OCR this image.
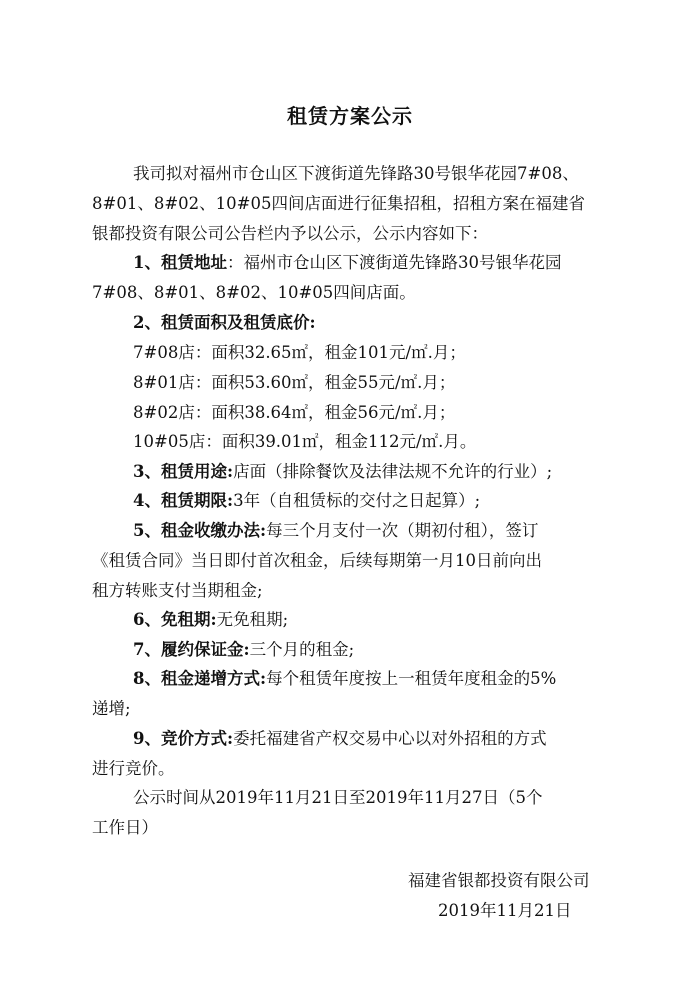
租赁方案公示
我司拟对福州市仓山区下渡街道先锋路30号银华花园7#08、
8#01、8#02、10#05四间店面进行征集招租，招租方案在福建省
银都投资有限公司公告栏内予以公示，公示内容如下：
1、租赁地址：福州市仓山区下渡街道先锋路30号银华花园
7#08、8#01、8#02、10#05四间店面。
2、租赁面积及租赁底价:
7#08店：面积32.65㎡，租金101元/㎡.月；
8#01店：面积53.60㎡，租金55元/㎡.月；
8#02店：面积38.64㎡，租金56元/㎡.月；
10#05店：面积39.01㎡，租金112元/㎡.月。
3、租赁用途:店面（排除餐饮及法律法规不允许的行业）;
4、租赁期限:3年（自租赁标的交付之日起算）;
5、租金收缴办法:每三个月支付一次（期初付租），签订
《租赁合同》当日即付首次租金，后续每期第一月10日前向出
租方转账支付当期租金;
6、免租期:无免租期;
7、履约保证金:三个月的租金;
8、租金递增方式:每个租赁年度按上一租赁年度租金的5%
递增;
9、竞价方式:委托福建省产权交易中心以对外招租的方式
进行竞价。
公示时间从2019年11月21日至2019年11月27日（5个
工作日）
福建省银都投资有限公司
2019年11月21日
